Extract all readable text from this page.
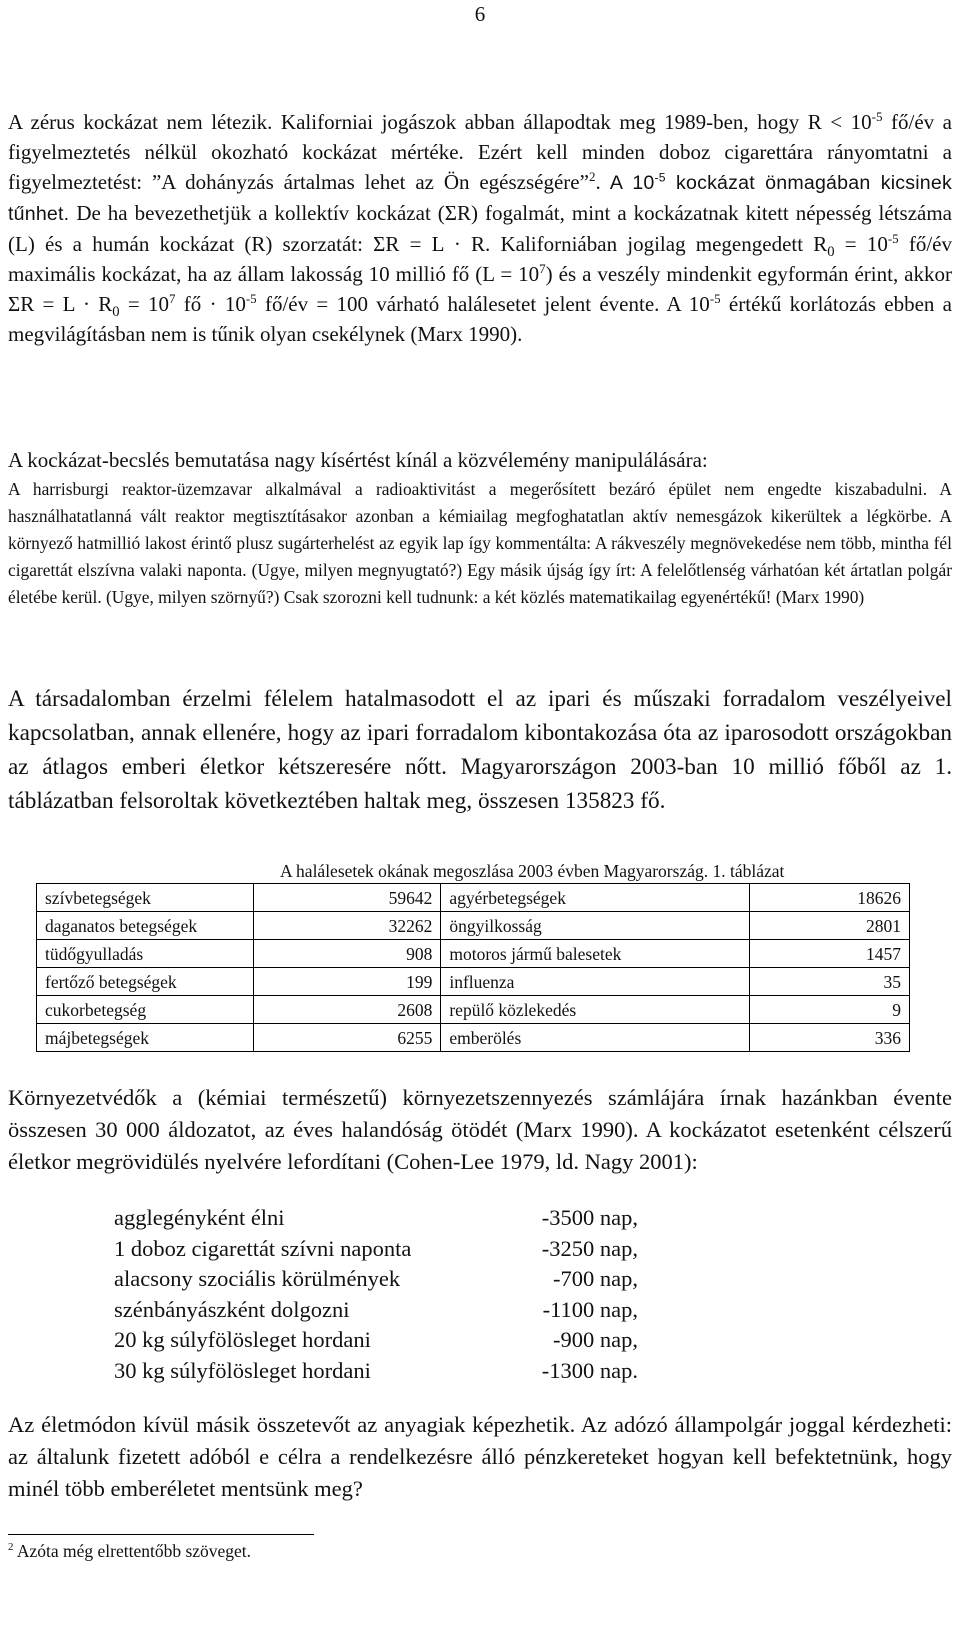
6

A zérus kockázat nem létezik. Kaliforniai jogászok abban állapodtak meg 1989-ben, hogy $R < 10^{-5}$ fő/év a figyelmeztetés nélkül okozható kockázat mértéke. Ezért kell minden doboz cigarettára rányomtatni a figyelmeztetést: ”A dohányzás ártalmas lehet az Ön egészségére”$^2$. A $10^{-5}$ kockázat önmagában kicsinek tűnhet. De ha bevezethetjük a kollektív kockázat (ΣR) fogalmát, mint a kockázatnak kitett népesség létszáma (L) és a humán kockázat (R) szorzatát: ΣR = L · R. Kaliforniában jogilag megengedett $R_0 = 10^{-5}$ fő/év maximális kockázat, ha az állam lakosság 10 millió fő $(L = 10^7)$ és a veszély mindenkit egyformán érint, akkor $\Sigma R = L \cdot R_0 = 10^7$ fő · $10^{-5}$ fő/év = 100 várható halálesetet jelent évente. A $10^{-5}$ értékű korlátozás ebben a megvilágításban nem is tűnik olyan csekélynek (Marx 1990).

A kockázat-becslés bemutatása nagy kísértést kínál a közvélemény manipulálására:

A harrisburgi reaktor-üzemzavar alkalmával a radioaktivitást a megerősített bezáró épület nem engedte kiszabadulni. A használhatatlanná vált reaktor megtisztításakor azonban a kémiailag megfoghatatlan aktív nemesgázok kikerültek a légkörbe. A környező hatmillió lakost érintő plusz sugárterhelést az egyik lap így kommentálta: A rákveszély megnövekedése nem több, mintha fél cigarettát elszívna valaki naponta. (Ugye, milyen megnyugtató?) Egy másik újság így írt: A felelőtlenség várhatóan két ártatlan polgár életébe kerül. (Ugye, milyen szörnyű?) Csak szorozni kell tudnunk: a két közlés matematikailag egyenértékű! (Marx 1990)

A társadalomban érzelmi félelem hatalmasodott el az ipari és műszaki forradalom veszélyeivel kapcsolatban, annak ellenére, hogy az ipari forradalom kibontakozása óta az iparosodott országokban az átlagos emberi életkor kétszeresére nőtt. Magyarországon 2003-ban 10 millió főből az 1. táblázatban felsoroltak következtében haltak meg, összesen 135823 fő.

A halálesetek okának megoszlása 2003 évben Magyarország. 1. táblázat
szívbetegségek	59642	agyérbetegségek	18626
daganatos betegségek	32262	öngyilkosság	2801
tüdőgyulladás	908	motoros jármű balesetek	1457
fertőző betegségek	199	influenza	35
cukorbetegség	2608	repülő közlekedés	9
májbetegségek	6255	emberölés	336

Környezetvédők a (kémiai természetű) környezetszennyezés számlájára írnak hazánkban évente összesen 30 000 áldozatot, az éves halandóság ötödét (Marx 1990). A kockázatot esetenként célszerű életkor megrövidülés nyelvére lefordítani (Cohen-Lee 1979, ld. Nagy 2001):

agglegényként élni	-3500 nap,
1 doboz cigarettát szívni naponta	-3250 nap,
alacsony szociális körülmények	-700 nap,
szénbányászként dolgozni	-1100 nap,
20 kg súlyfölösleget hordani	-900 nap,
30 kg súlyfölösleget hordani	-1300 nap.

Az életmódon kívül másik összetevőt az anyagiak képezhetik. Az adózó állampolgár joggal kérdezheti: az általunk fizetett adóból e célra a rendelkezésre álló pénzkereteket hogyan kell befektetnünk, hogy minél több emberéletet mentsünk meg?

$^2$ Azóta még elrettentőbb szöveget.
